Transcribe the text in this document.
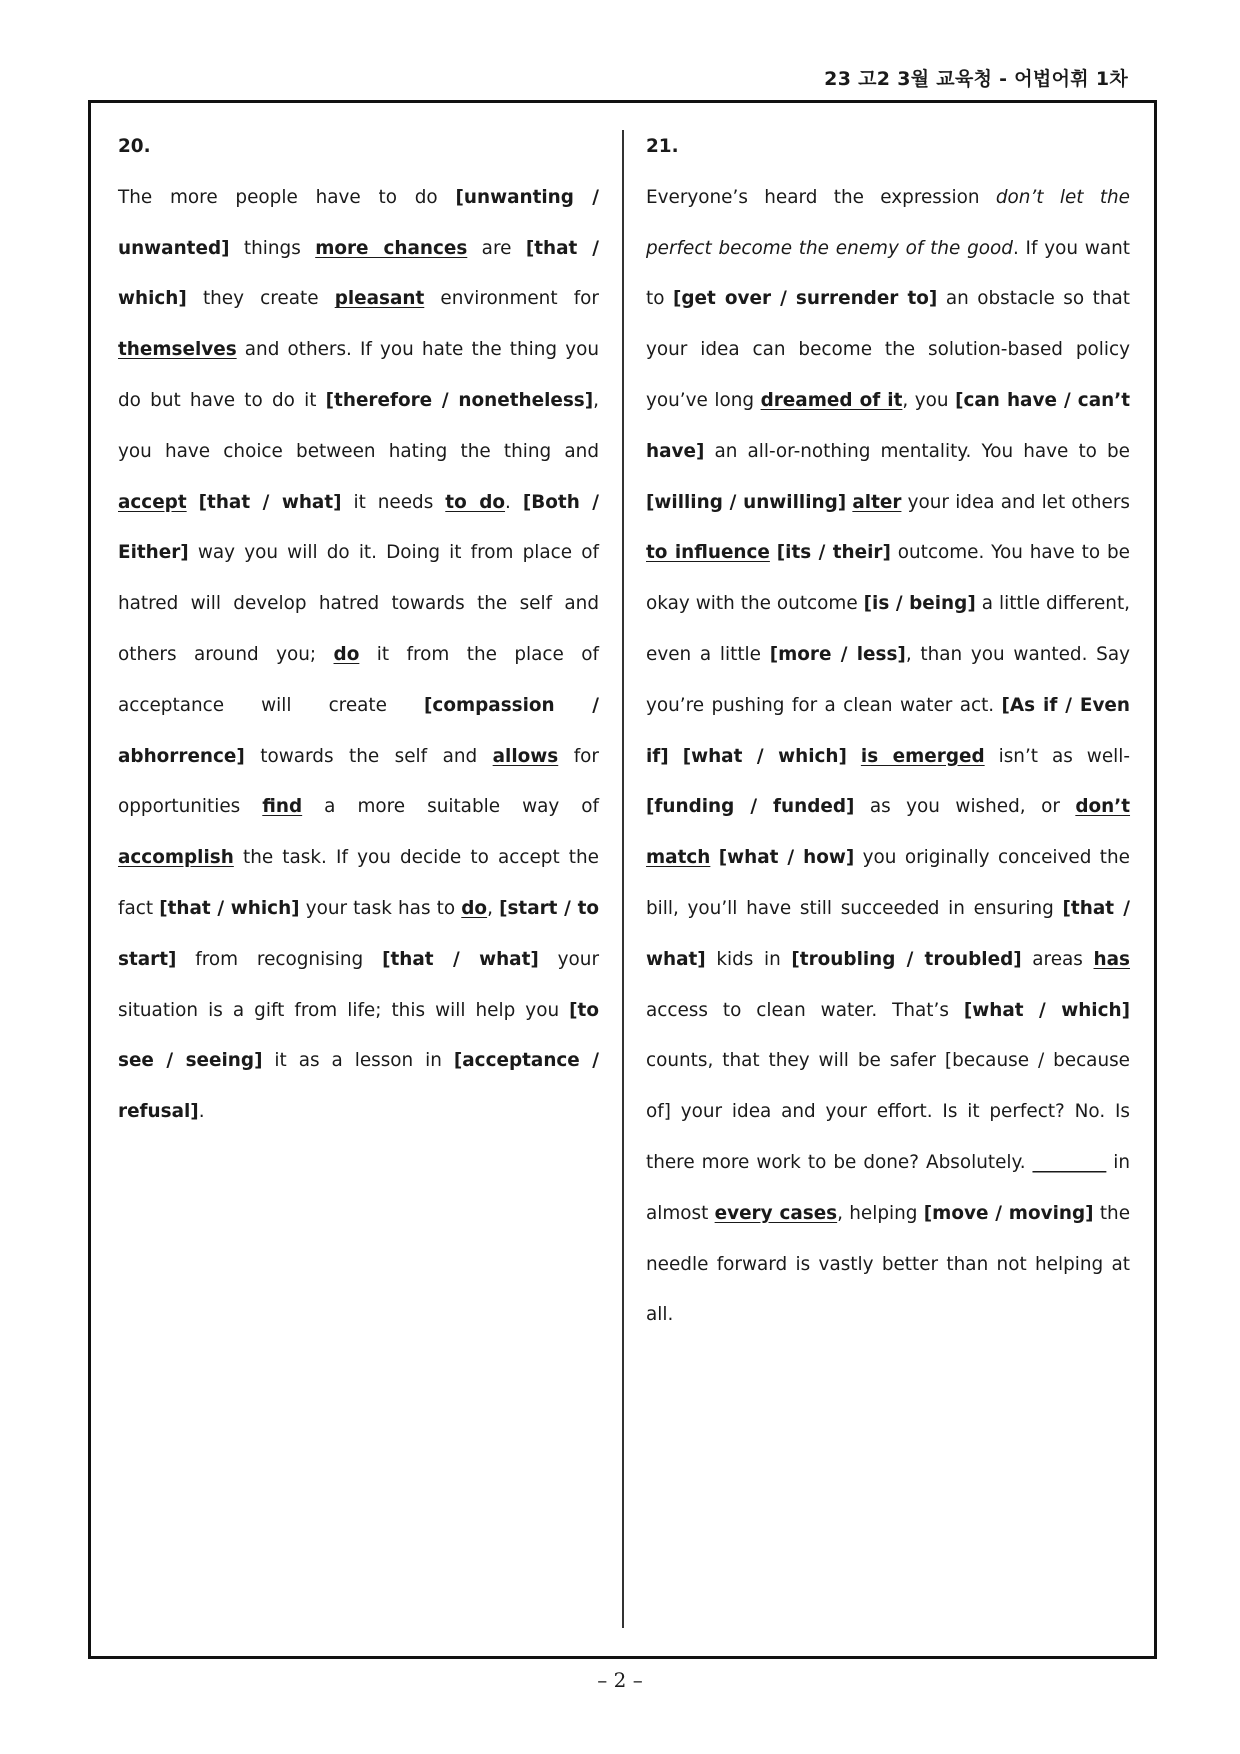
23 고2 3월 교육청 - 어법어휘 1차
20.
The more people have to do [unwanting / unwanted] things more chances are [that / which] they create pleasant environment for themselves and others. If you hate the thing you do but have to do it [therefore / nonetheless], you have choice between hating the thing and accept [that / what] it needs to do. [Both / Either] way you will do it. Doing it from place of hatred will develop hatred towards the self and others around you; do it from the place of acceptance will create [compassion / abhorrence] towards the self and allows for opportunities find a more suitable way of accomplish the task. If you decide to accept the fact [that / which] your task has to do, [start / to start] from recognising [that / what] your situation is a gift from life; this will help you [to see / seeing] it as a lesson in [acceptance / refusal].
21.
Everyone’s heard the expression don’t let the perfect become the enemy of the good. If you want to [get over / surrender to] an obstacle so that your idea can become the solution-based policy you’ve long dreamed of it, you [can have / can’t have] an all-or-nothing mentality. You have to be [willing / unwilling] alter your idea and let others to influence [its / their] outcome. You have to be okay with the outcome [is / being] a little different, even a little [more / less], than you wanted. Say you’re pushing for a clean water act. [As if / Even if] [what / which] is emerged isn’t as well-[funding / funded] as you wished, or don’t match [what / how] you originally conceived the bill, you’ll have still succeeded in ensuring [that / what] kids in [troubling / troubled] areas has access to clean water. That’s [what / which] counts, that they will be safer [because / because of] your idea and your effort. Is it perfect? No. Is there more work to be done? Absolutely. ________ in almost every cases, helping [move / moving] the needle forward is vastly better than not helping at all.
– 2 –
